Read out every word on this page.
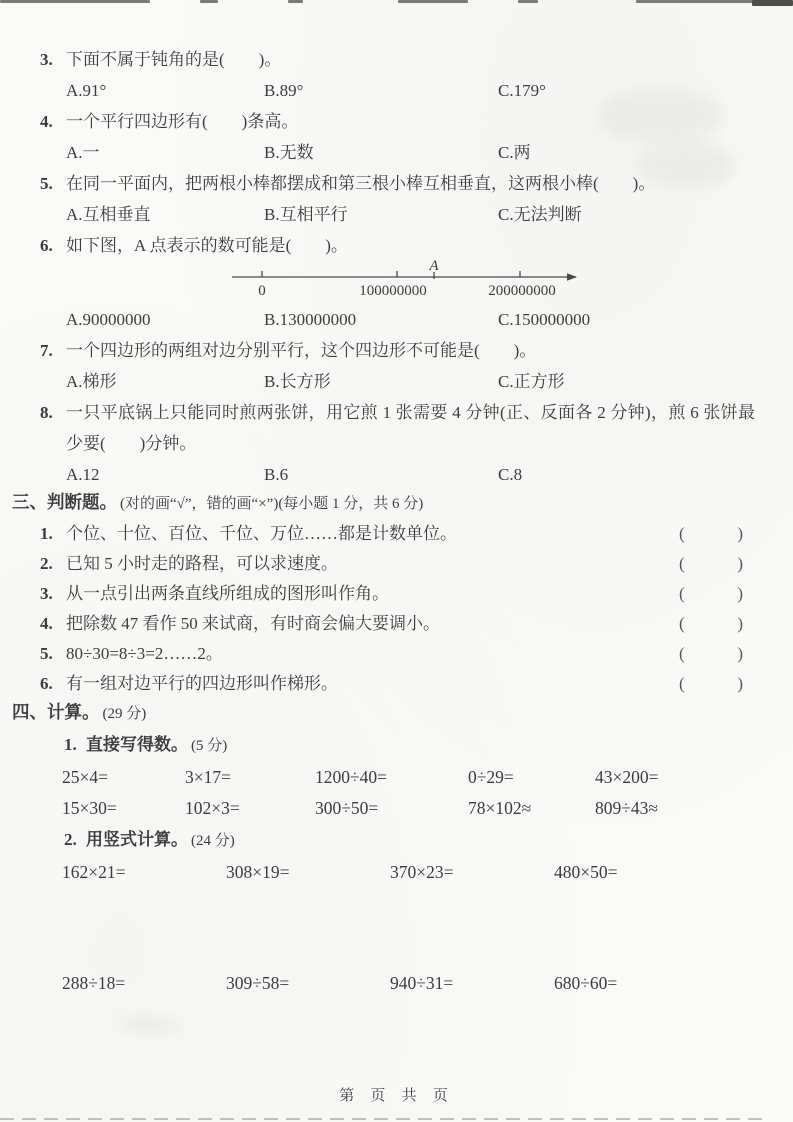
3. 下面不属于钝角的是(　　)。
A.91°	B.89°	C.179°
4. 一个平行四边形有(　　)条高。
A.一	B.无数	C.两
5. 在同一平面内，把两根小棒都摆成和第三根小棒互相垂直，这两根小棒(　　)。
A.互相垂直	B.互相平行	C.无法判断
6. 如下图，A 点表示的数可能是(　　)。
0	100000000	200000000
A
A.90000000	B.130000000	C.150000000
7. 一个四边形的两组对边分别平行，这个四边形不可能是(　　)。
A.梯形	B.长方形	C.正方形
8. 一只平底锅上只能同时煎两张饼，用它煎 1 张需要 4 分钟(正、反面各 2 分钟)，煎 6 张饼最少要(　　)分钟。
A.12	B.6	C.8
三、判断题。 (对的画“√”，错的画“×”)(每小题 1 分，共 6 分)
1. 个位、十位、百位、千位、万位……都是计数单位。	(	)
2. 已知 5 小时走的路程，可以求速度。	(	)
3. 从一点引出两条直线所组成的图形叫作角。	(	)
4. 把除数 47 看作 50 来试商，有时商会偏大要调小。	(	)
5. 80÷30=8÷3=2……2。	(	)
6. 有一组对边平行的四边形叫作梯形。	(	)
四、计算。 (29 分)
1. 直接写得数。 (5 分)
25×4=	3×17=	1200÷40=	0÷29=	43×200=
15×30=	102×3=	300÷50=	78×102≈	809÷43≈
2. 用竖式计算。 (24 分)
162×21=	308×19=	370×23=	480×50=
288÷18=	309÷58=	940÷31=	680÷60=
第 页 共 页
